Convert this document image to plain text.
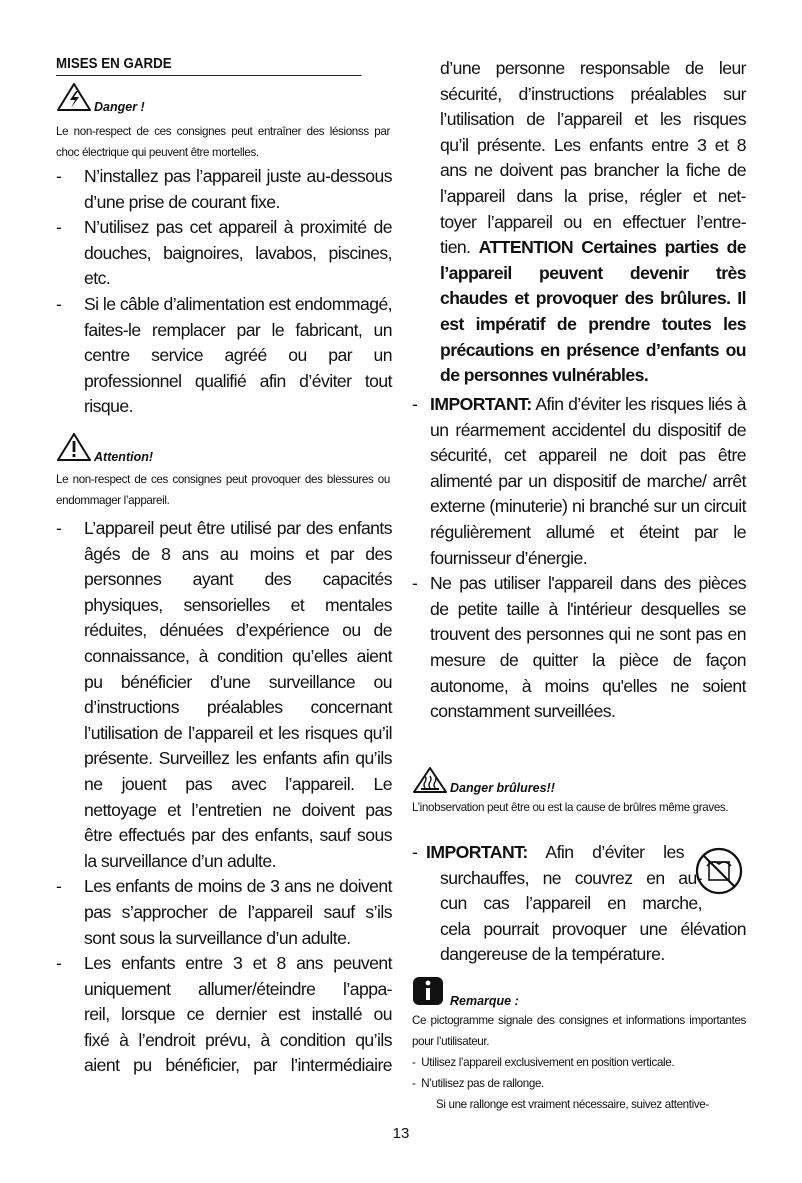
MISES EN GARDE
Danger !
Le non-respect de ces consignes peut entraîner des lésionss par choc électrique qui peuvent être mortelles.
-	N’installez pas l’appareil juste au-dessous d’une prise de courant fixe.
-	N’utilisez pas cet appareil à proximité de douches, baignoires, lavabos, piscines, etc.
-	Si le câble d’alimentation est endommagé, faites-le remplacer par le fabricant, un centre service agréé ou par un professionnel qualifié afin d’éviter tout risque.
Attention!
Le non-respect de ces consignes peut provoquer des blessures ou endommager l’appareil.
-	L’appareil peut être utilisé par des enfants âgés de 8 ans au moins et par des personnes ayant des capacités physiques, sensorielles et mentales réduites, dénuées d’expérience ou de connaissance, à condition qu’elles aient pu bénéficier d’une surveillance ou d’instructions préalables concernant l’utilisation de l’appareil et les risques qu’il présente. Surveillez les enfants afin qu’ils ne jouent pas avec l’appareil. Le nettoyage et l’entretien ne doivent pas être effectués par des enfants, sauf sous la surveillance d’un adulte.
-	Les enfants de moins de 3 ans ne doivent pas s’approcher de l’appareil sauf s’ils sont sous la surveillance d’un adulte.
- Les enfants entre 3 et 8 ans peuvent
uniquement allumer/éteindre l’appa-
reil, lorsque ce dernier est installé ou
fixé à l’endroit prévu, à condition qu’ils
aient pu bénéficier, par l’intermédiaire
d’une personne responsable de leur
sécurité, d’instructions préalables sur
l’utilisation de l’appareil et les risques
qu’il présente. Les enfants entre 3 et 8
ans ne doivent pas brancher la fiche de
l’appareil dans la prise, régler et net-
toyer l’appareil ou en effectuer l’entre-
tien. ATTENTION Certaines parties de l’appareil peuvent devenir très chaudes et provoquer des brûlures. Il est impératif de prendre toutes les précautions en présence d’enfants ou de personnes vulnérables.
- IMPORTANT: Afin d’éviter les risques liés à un réarmement accidentel du dispositif de sécurité, cet appareil ne doit pas être alimenté par un dispositif de marche/ arrêt externe (minuterie) ni branché sur un circuit régulièrement allumé et éteint par le fournisseur d’énergie.
- Ne pas utiliser l'appareil dans des pièces de petite taille à l'intérieur desquelles se trouvent des personnes qui ne sont pas en mesure de quitter la pièce de façon autonome, à moins qu'elles ne soient constamment surveillées.
Danger brûlures!!
L’inobservation peut être ou est la cause de brûlres même graves.
- IMPORTANT: Afin d’éviter les
surchauffes, ne couvrez en au-
cun cas l’appareil en marche,
cela pourrait provoquer une élévation
dangereuse de la température.
Remarque :
Ce pictogramme signale des consignes et informations importantes pour l’utilisateur.
-  Utilisez l’appareil exclusivement en position verticale.
-  N’utilisez pas de rallonge.
Si une rallonge est vraiment nécessaire, suivez attentive-
13
